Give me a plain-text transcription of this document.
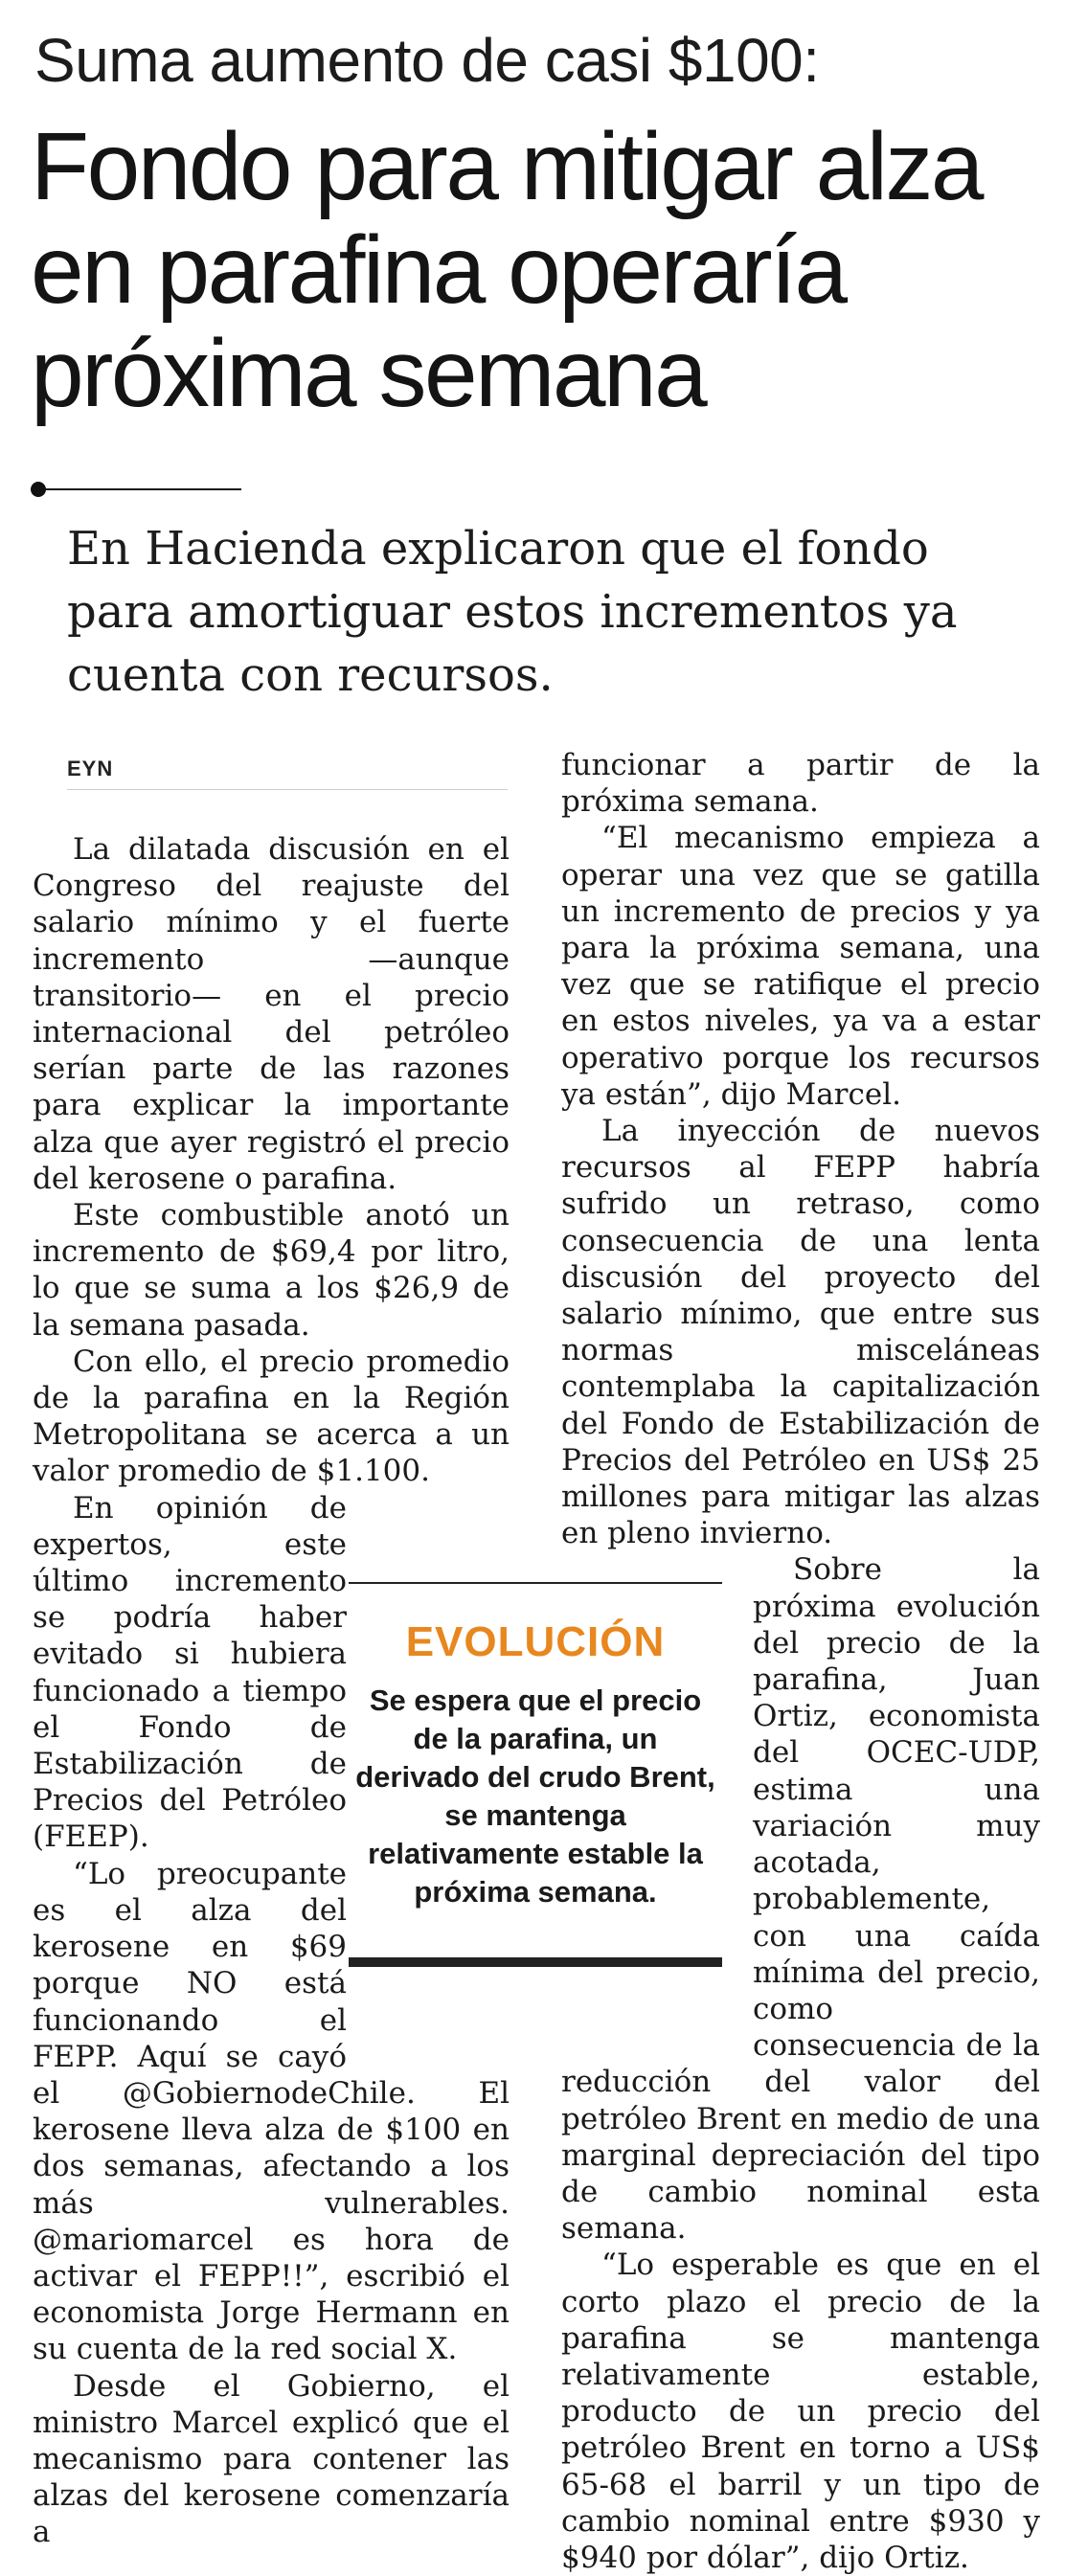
Suma aumento de casi $100:
Fondo para mitigar alza en parafina operaría próxima semana
En Hacienda explicaron que el fondo para amortiguar estos incrementos ya cuenta con recursos.
EYN

La dilatada discusión en el Congreso del reajuste del salario mínimo y el fuerte incremento —aunque transitorio— en el precio internacional del petróleo serían parte de las razones para explicar la importante alza que ayer registró el precio del kerosene o parafina.

Este combustible anotó un incremento de $69,4 por litro, lo que se suma a los $26,9 de la semana pasada.

Con ello, el precio promedio de la parafina en la Región Metropolitana se acerca a un valor promedio de $1.100.

En opinión de expertos, este último incremento se podría haber evitado si hubiera funcionado a tiempo el Fondo de Estabilización de Precios del Petróleo (FEEP).

“Lo preocupante es el alza del kerosene en $69 porque NO está funcionando el FEPP. Aquí se cayó el @GobiernodeChile. El kerosene lleva alza de $100 en dos semanas, afectando a los más vulnerables. @mariomarcel es hora de activar el FEPP!!”, escribió el economista Jorge Hermann en su cuenta de la red social X.

Desde el Gobierno, el ministro Marcel explicó que el mecanismo para contener las alzas del kerosene comenzaría a

funcionar a partir de la próxima semana.

“El mecanismo empieza a operar una vez que se gatilla un incremento de precios y ya para la próxima semana, una vez que se ratifique el precio en estos niveles, ya va a estar operativo porque los recursos ya están”, dijo Marcel.

La inyección de nuevos recursos al FEPP habría sufrido un retraso, como consecuencia de una lenta discusión del proyecto del salario mínimo, que entre sus normas misceláneas contemplaba la capitalización del Fondo de Estabilización de Precios del Petróleo en US$ 25 millones para mitigar las alzas en pleno invierno.

Sobre la próxima evolución del precio de la parafina, Juan Ortiz, economista del OCEC-UDP, estima una variación muy acotada, probablemente, con una caída mínima del precio, como consecuencia de la reducción del valor del petróleo Brent en medio de una marginal depreciación del tipo de cambio nominal esta semana.

“Lo esperable es que en el corto plazo el precio de la parafina se mantenga relativamente estable, producto de un precio del petróleo Brent en torno a US$ 65-68 el barril y un tipo de cambio nominal entre $930 y $940 por dólar”, dijo Ortiz.

EVOLUCIÓN
Se espera que el precio de la parafina, un derivado del crudo Brent, se mantenga relativamente estable la próxima semana.
